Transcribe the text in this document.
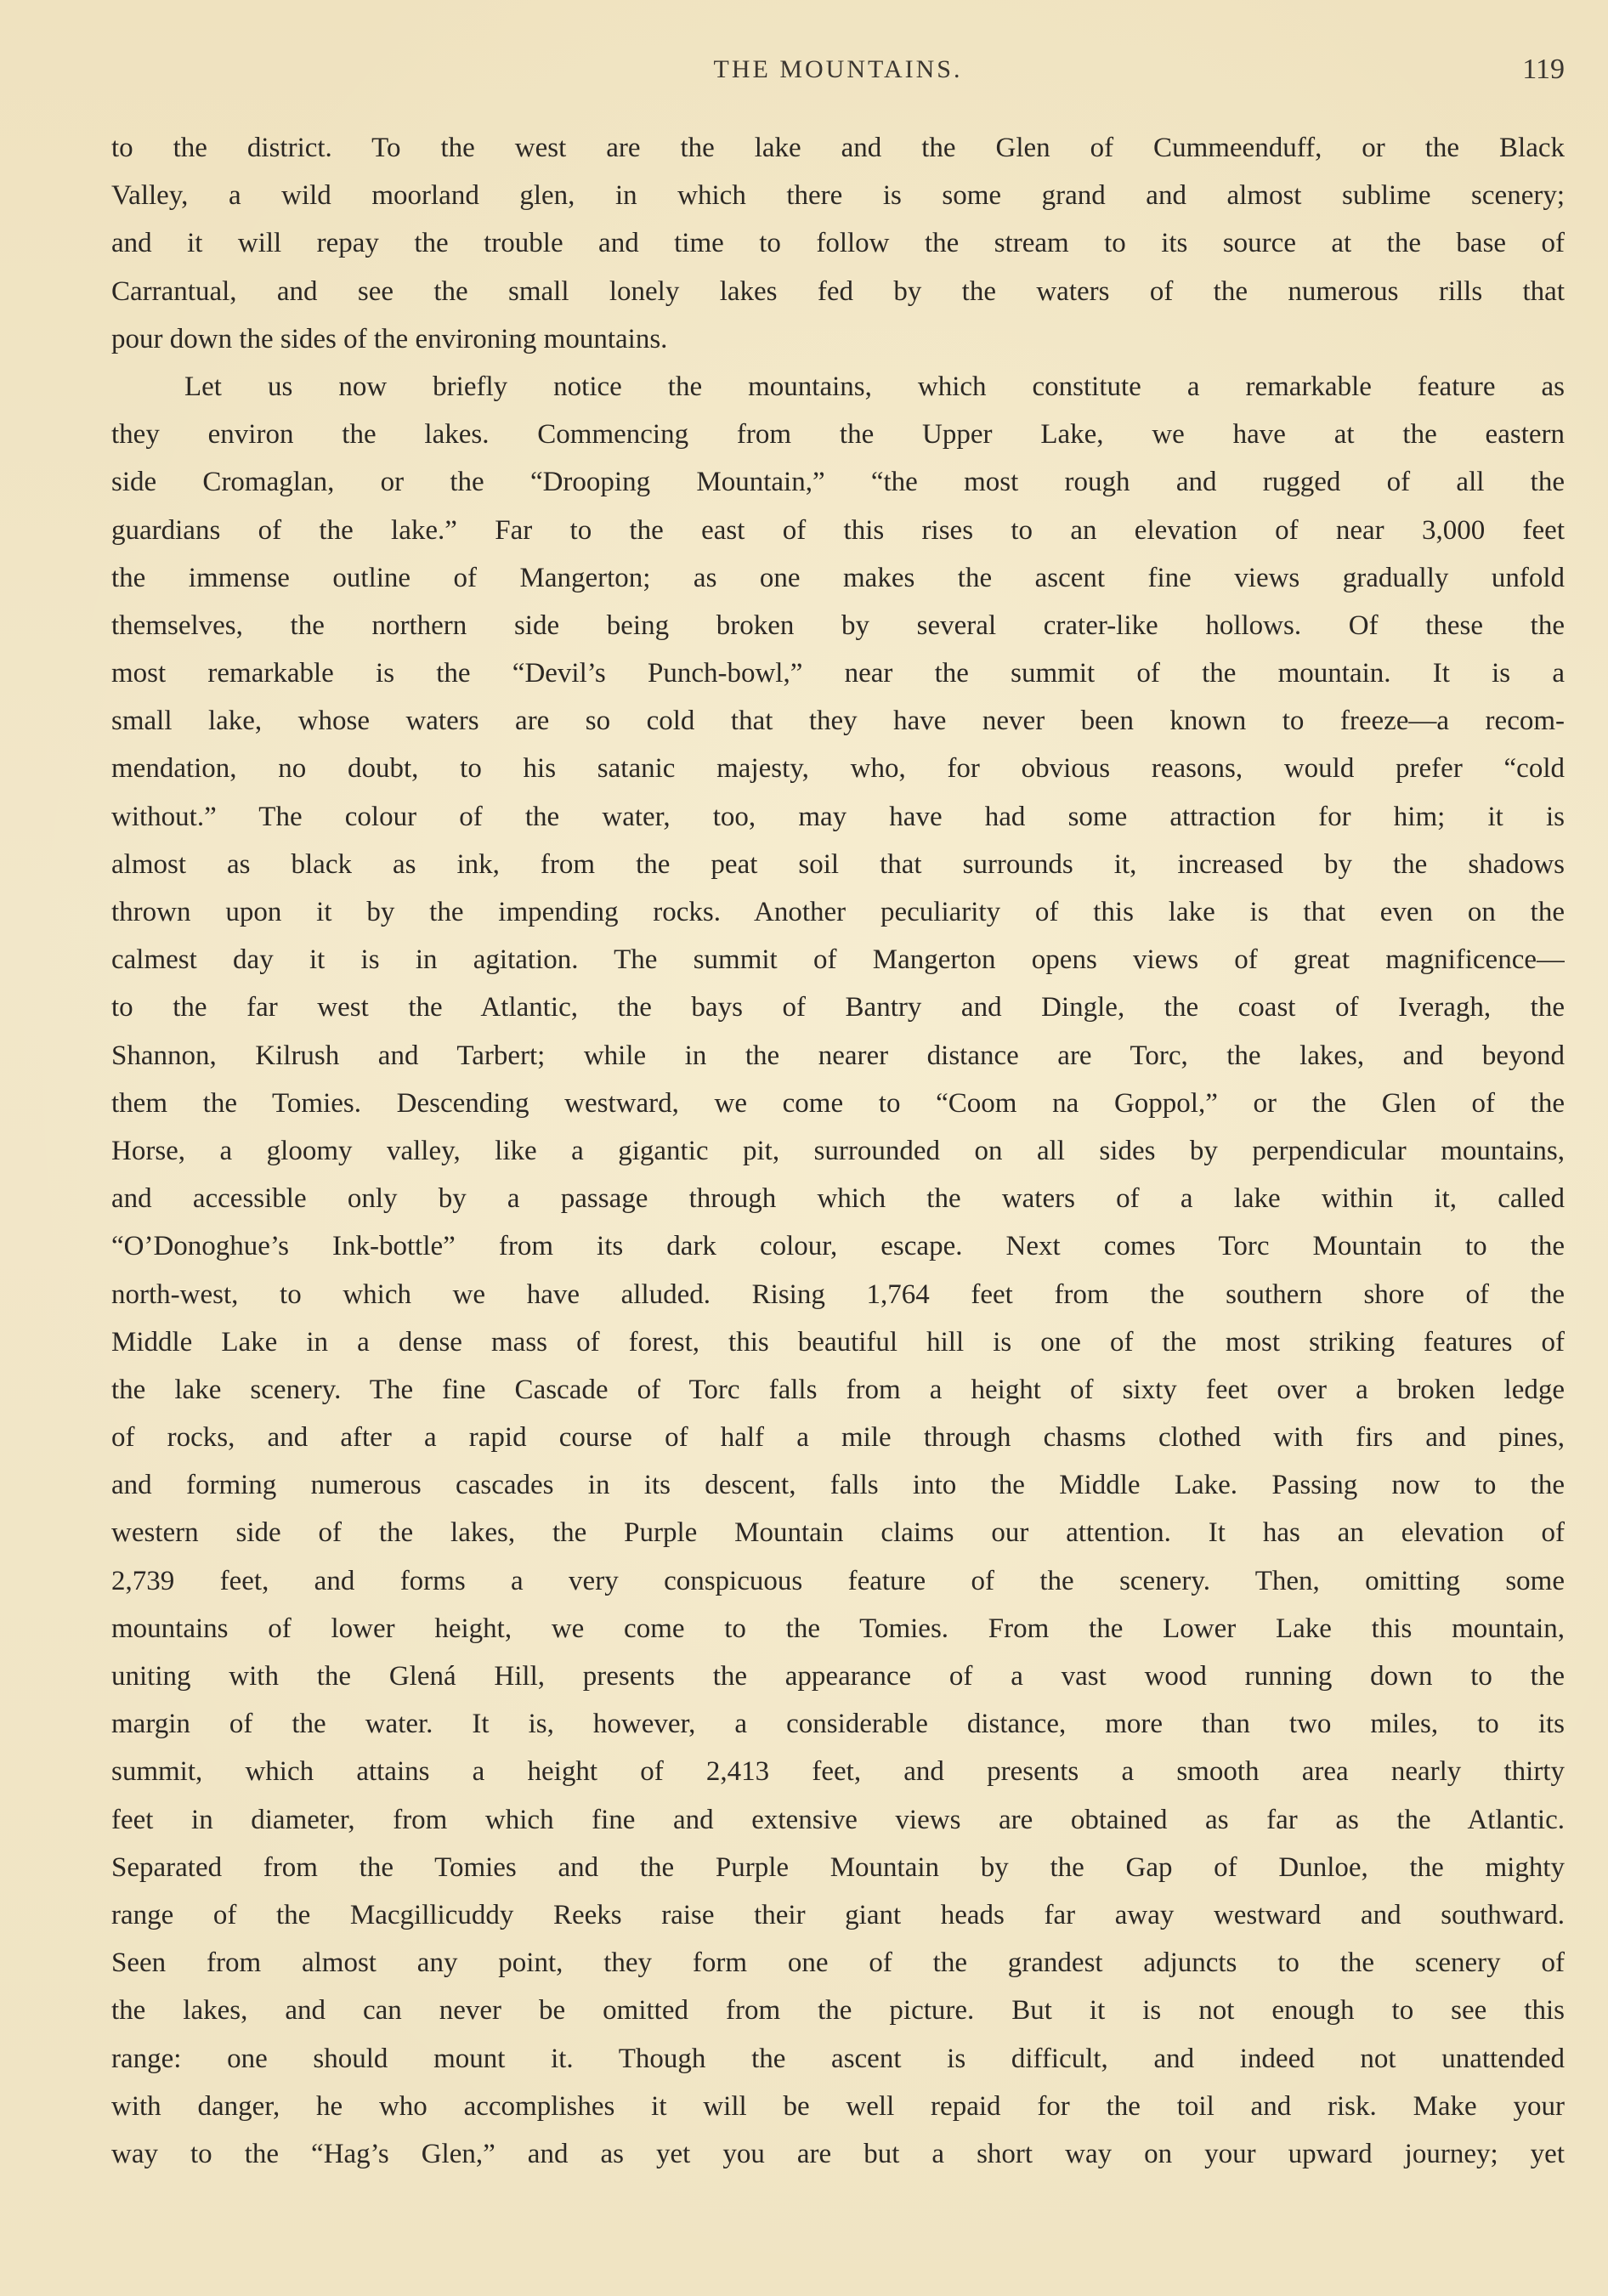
THE MOUNTAINS.	119
to the district. To the west are the lake and the Glen of Cummeenduff, or the Black
Valley, a wild moorland glen, in which there is some grand and almost sublime scenery;
and it will repay the trouble and time to follow the stream to its source at the base of
Carrantual, and see the small lonely lakes fed by the waters of the numerous rills that
pour down the sides of the environing mountains.
Let us now briefly notice the mountains, which constitute a remarkable feature as
they environ the lakes. Commencing from the Upper Lake, we have at the eastern
side Cromaglan, or the “Drooping Mountain,” “the most rough and rugged of all the
guardians of the lake.” Far to the east of this rises to an elevation of near 3,000 feet
the immense outline of Mangerton; as one makes the ascent fine views gradually unfold
themselves, the northern side being broken by several crater-like hollows. Of these the
most remarkable is the “Devil’s Punch-bowl,” near the summit of the mountain. It is a
small lake, whose waters are so cold that they have never been known to freeze—a recom-
mendation, no doubt, to his satanic majesty, who, for obvious reasons, would prefer “cold
without.” The colour of the water, too, may have had some attraction for him; it is
almost as black as ink, from the peat soil that surrounds it, increased by the shadows
thrown upon it by the impending rocks. Another peculiarity of this lake is that even on the
calmest day it is in agitation. The summit of Mangerton opens views of great magnificence—
to the far west the Atlantic, the bays of Bantry and Dingle, the coast of Iveragh, the
Shannon, Kilrush and Tarbert; while in the nearer distance are Torc, the lakes, and beyond
them the Tomies. Descending westward, we come to “Coom na Goppol,” or the Glen of the
Horse, a gloomy valley, like a gigantic pit, surrounded on all sides by perpendicular mountains,
and accessible only by a passage through which the waters of a lake within it, called
“O’Donoghue’s Ink-bottle” from its dark colour, escape. Next comes Torc Mountain to the
north-west, to which we have alluded. Rising 1,764 feet from the southern shore of the
Middle Lake in a dense mass of forest, this beautiful hill is one of the most striking features of
the lake scenery. The fine Cascade of Torc falls from a height of sixty feet over a broken ledge
of rocks, and after a rapid course of half a mile through chasms clothed with firs and pines,
and forming numerous cascades in its descent, falls into the Middle Lake. Passing now to the
western side of the lakes, the Purple Mountain claims our attention. It has an elevation of
2,739 feet, and forms a very conspicuous feature of the scenery. Then, omitting some
mountains of lower height, we come to the Tomies. From the Lower Lake this mountain,
uniting with the Glená Hill, presents the appearance of a vast wood running down to the
margin of the water. It is, however, a considerable distance, more than two miles, to its
summit, which attains a height of 2,413 feet, and presents a smooth area nearly thirty
feet in diameter, from which fine and extensive views are obtained as far as the Atlantic.
Separated from the Tomies and the Purple Mountain by the Gap of Dunloe, the mighty
range of the Macgillicuddy Reeks raise their giant heads far away westward and southward.
Seen from almost any point, they form one of the grandest adjuncts to the scenery of
the lakes, and can never be omitted from the picture. But it is not enough to see this
range: one should mount it. Though the ascent is difficult, and indeed not unattended
with danger, he who accomplishes it will be well repaid for the toil and risk. Make your
way to the “Hag’s Glen,” and as yet you are but a short way on your upward journey; yet
